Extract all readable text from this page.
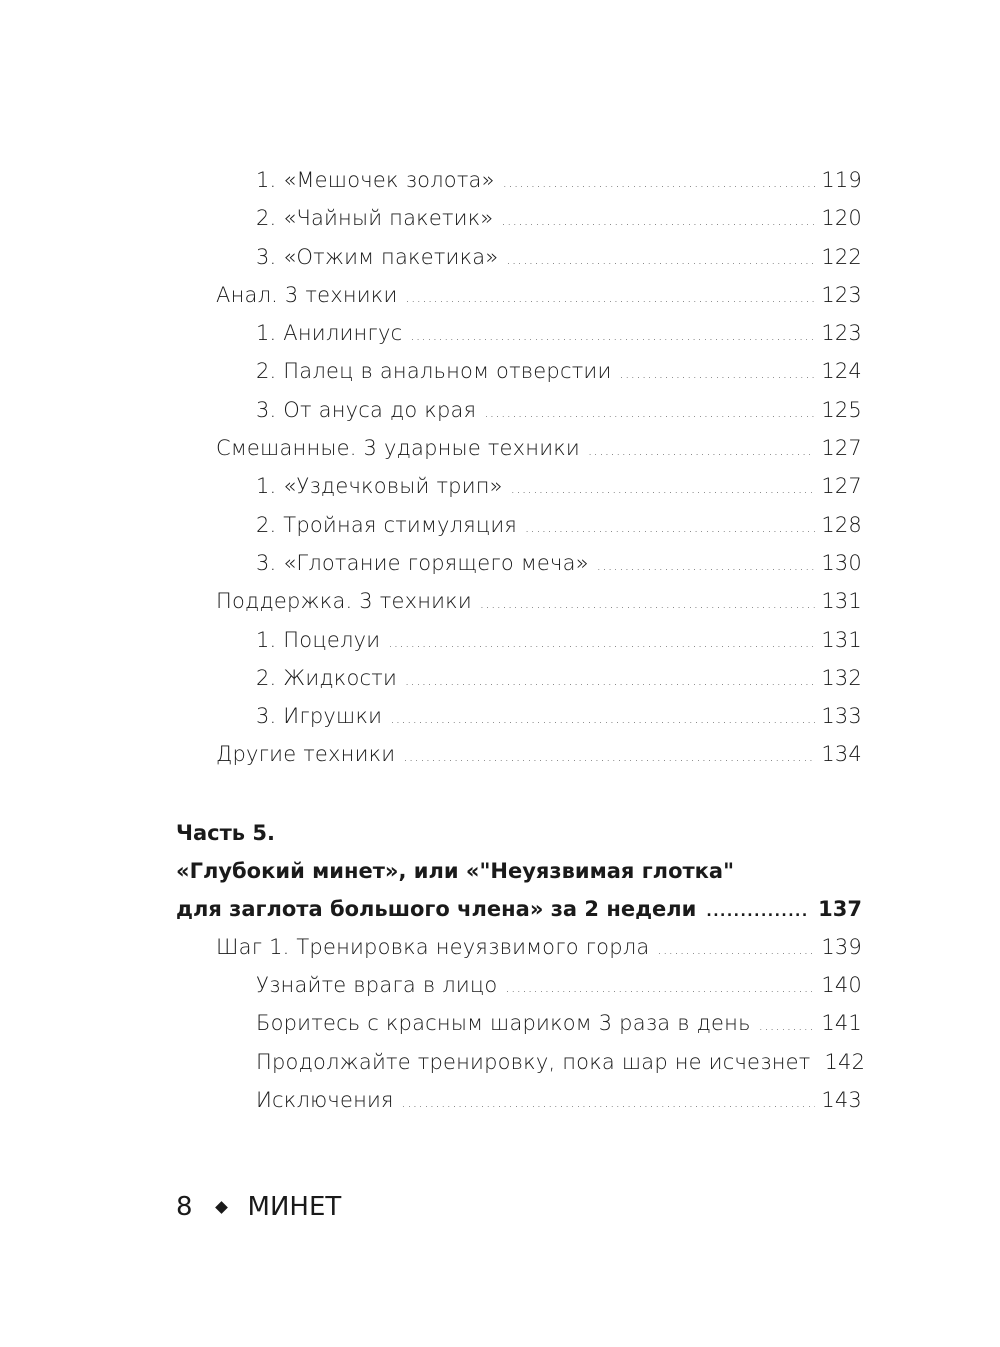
1. «Мешочек золота» .....	119
2. «Чайный пакетик» .....	120
3. «Отжим пакетика» .....	122
Анал. 3 техники .....	123
1. Анилингус .....	123
2. Палец в анальном отверстии .....	124
3. От ануса до края .....	125
Смешанные. 3 ударные техники .....	127
1. «Уздечковый трип» .....	127
2. Тройная стимуляция .....	128
3. «Глотание горящего меча» .....	130
Поддержка. 3 техники .....	131
1. Поцелуи .....	131
2. Жидкости .....	132
3. Игрушки .....	133
Другие техники .....	134
Часть 5.
«Глубокий минет», или «"Неуязвимая глотка"
для заглота большого члена» за 2 недели .....	137
Шаг 1. Тренировка неуязвимого горла .....	139
Узнайте врага в лицо .....	140
Боритесь с красным шариком 3 раза в день .....	141
Продолжайте тренировку, пока шар не исчезнет 142
Исключения .....	143
8 МИНЕТ
